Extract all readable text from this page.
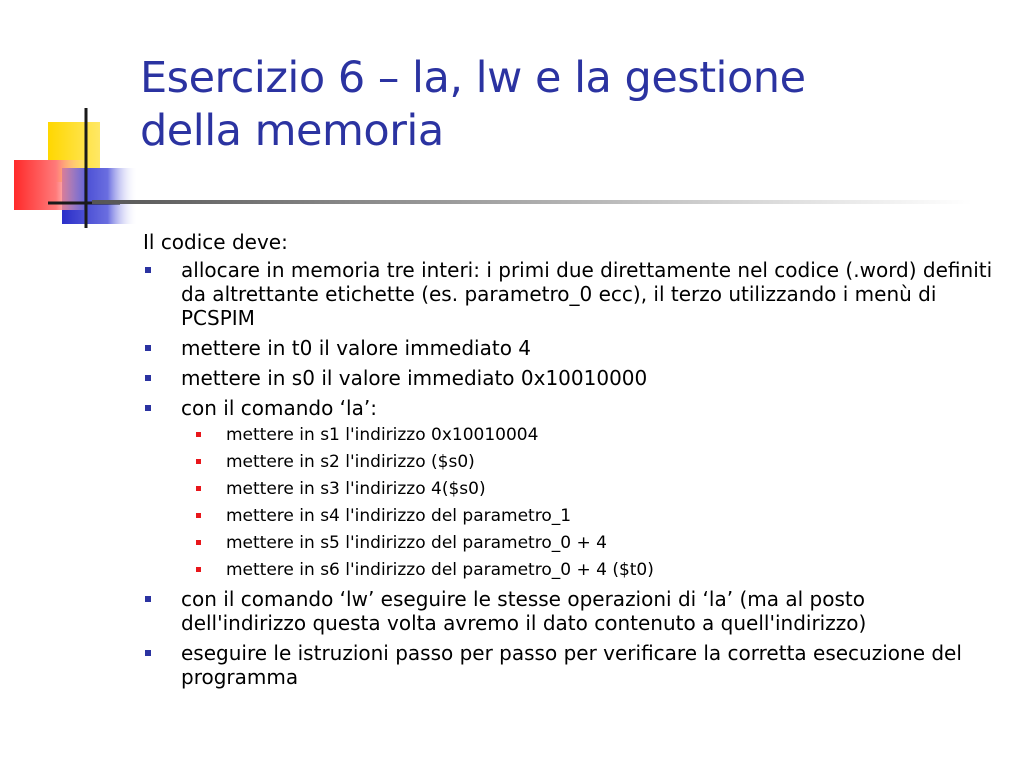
Esercizio 6 – la, lw e la gestione
della memoria

Il codice deve:

allocare in memoria tre interi: i primi due direttamente nel codice (.word) definiti da altrettante etichette (es. parametro_0 ecc), il terzo utilizzando i menù di PCSPIM
mettere in t0 il valore immediato 4
mettere in s0 il valore immediato 0x10010000
con il comando ‘la’:
mettere in s1 l'indirizzo 0x10010004
mettere in s2 l'indirizzo ($s0)
mettere in s3 l'indirizzo 4($s0)
mettere in s4 l'indirizzo del parametro_1
mettere in s5 l'indirizzo del parametro_0 + 4
mettere in s6 l'indirizzo del parametro_0 + 4 ($t0)
con il comando ‘lw’ eseguire le stesse operazioni di ‘la’ (ma al posto dell'indirizzo questa volta avremo il dato contenuto a quell'indirizzo)
eseguire le istruzioni passo per passo per verificare la corretta esecuzione del programma
